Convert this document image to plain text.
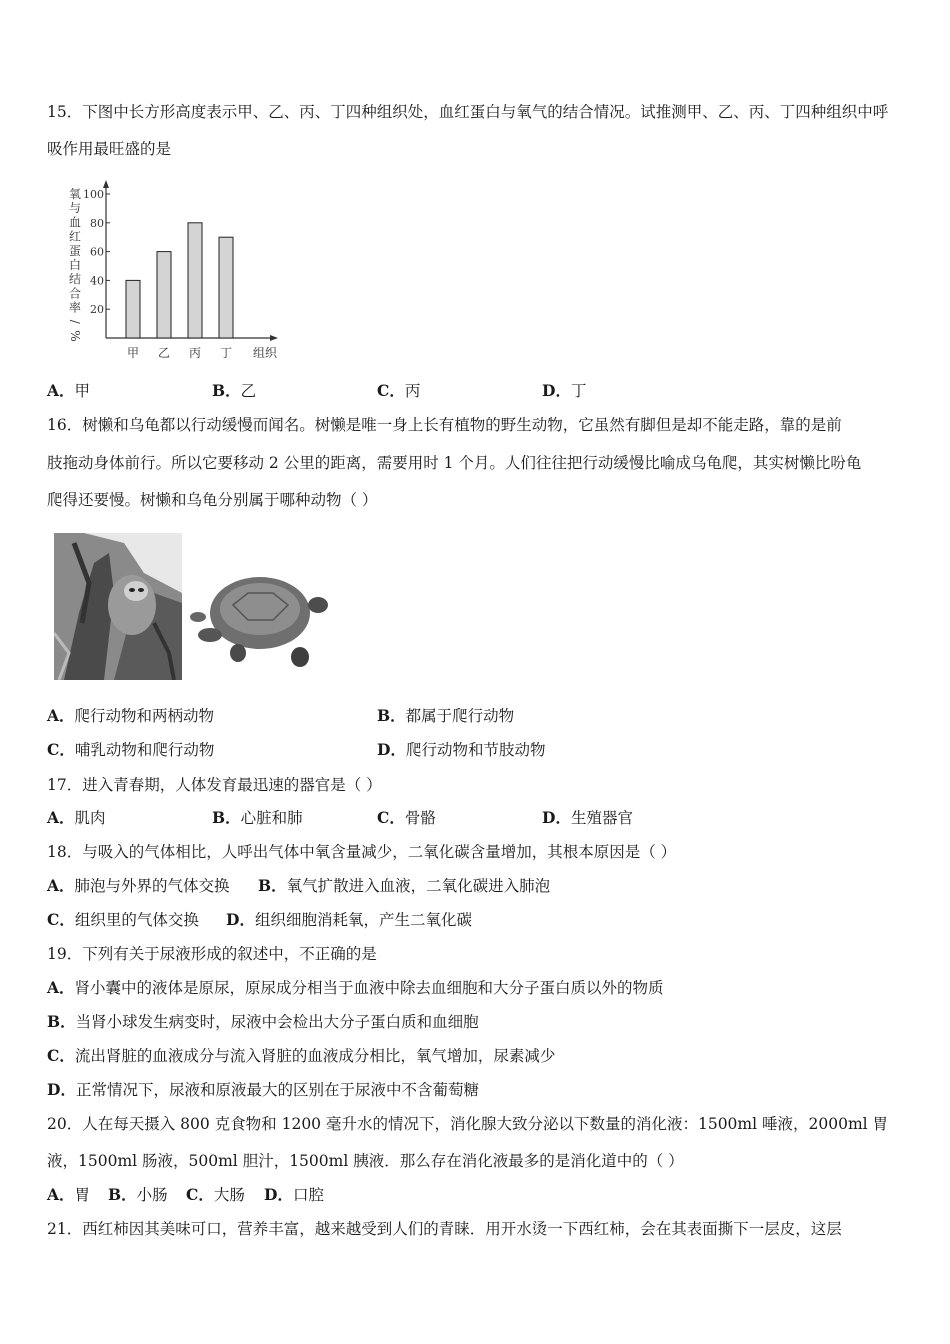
15．下图中长方形高度表示甲、乙、丙、丁四种组织处，血红蛋白与氧气的结合情况。试推测甲、乙、丙、丁四种组织中呼
吸作用最旺盛的是
氧
与
血
红
蛋
白
结
合
率
/
%
20
40
60
80
100
甲 乙 丙 丁 组织
A．甲	B．乙	C．丙	D．丁
16．树懒和乌龟都以行动缓慢而闻名。树懒是唯一身上长有植物的野生动物，它虽然有脚但是却不能走路，靠的是前
肢拖动身体前行。所以它要移动 2 公里的距离，需要用时 1 个月。人们往往把行动缓慢比喻成乌龟爬，其实树懒比吩龟
爬得还要慢。树懒和乌龟分别属于哪种动物（ ）
A．爬行动物和两柄动物	B．都属于爬行动物
C．哺乳动物和爬行动物	D．爬行动物和节肢动物
17．进入青春期，人体发育最迅速的器官是（ ）
A．肌肉	B．心脏和肺	C．骨骼	D．生殖器官
18．与吸入的气体相比，人呼出气体中氧含量减少，二氧化碳含量增加，其根本原因是（ ）
A．肺泡与外界的气体交换 B．氧气扩散进入血液，二氧化碳进入肺泡
C．组织里的气体交换 D．组织细胞消耗氧，产生二氧化碳
19．下列有关于尿液形成的叙述中，不正确的是
A．肾小囊中的液体是原尿，原尿成分相当于血液中除去血细胞和大分子蛋白质以外的物质
B．当肾小球发生病变时，尿液中会检出大分子蛋白质和血细胞
C．流出肾脏的血液成分与流入肾脏的血液成分相比，氧气增加，尿素减少
D．正常情况下，尿液和原液最大的区别在于尿液中不含葡萄糖
20．人在每天摄入 800 克食物和 1200 毫升水的情况下，消化腺大致分泌以下数量的消化液：1500ml 唾液，2000ml 胃
液，1500ml 肠液，500ml 胆汁，1500ml 胰液．那么存在消化液最多的是消化道中的（ ）
A．胃 B．小肠 C．大肠 D．口腔
21．西红柿因其美味可口，营养丰富，越来越受到人们的青睐．用开水烫一下西红柿，会在其表面撕下一层皮，这层
